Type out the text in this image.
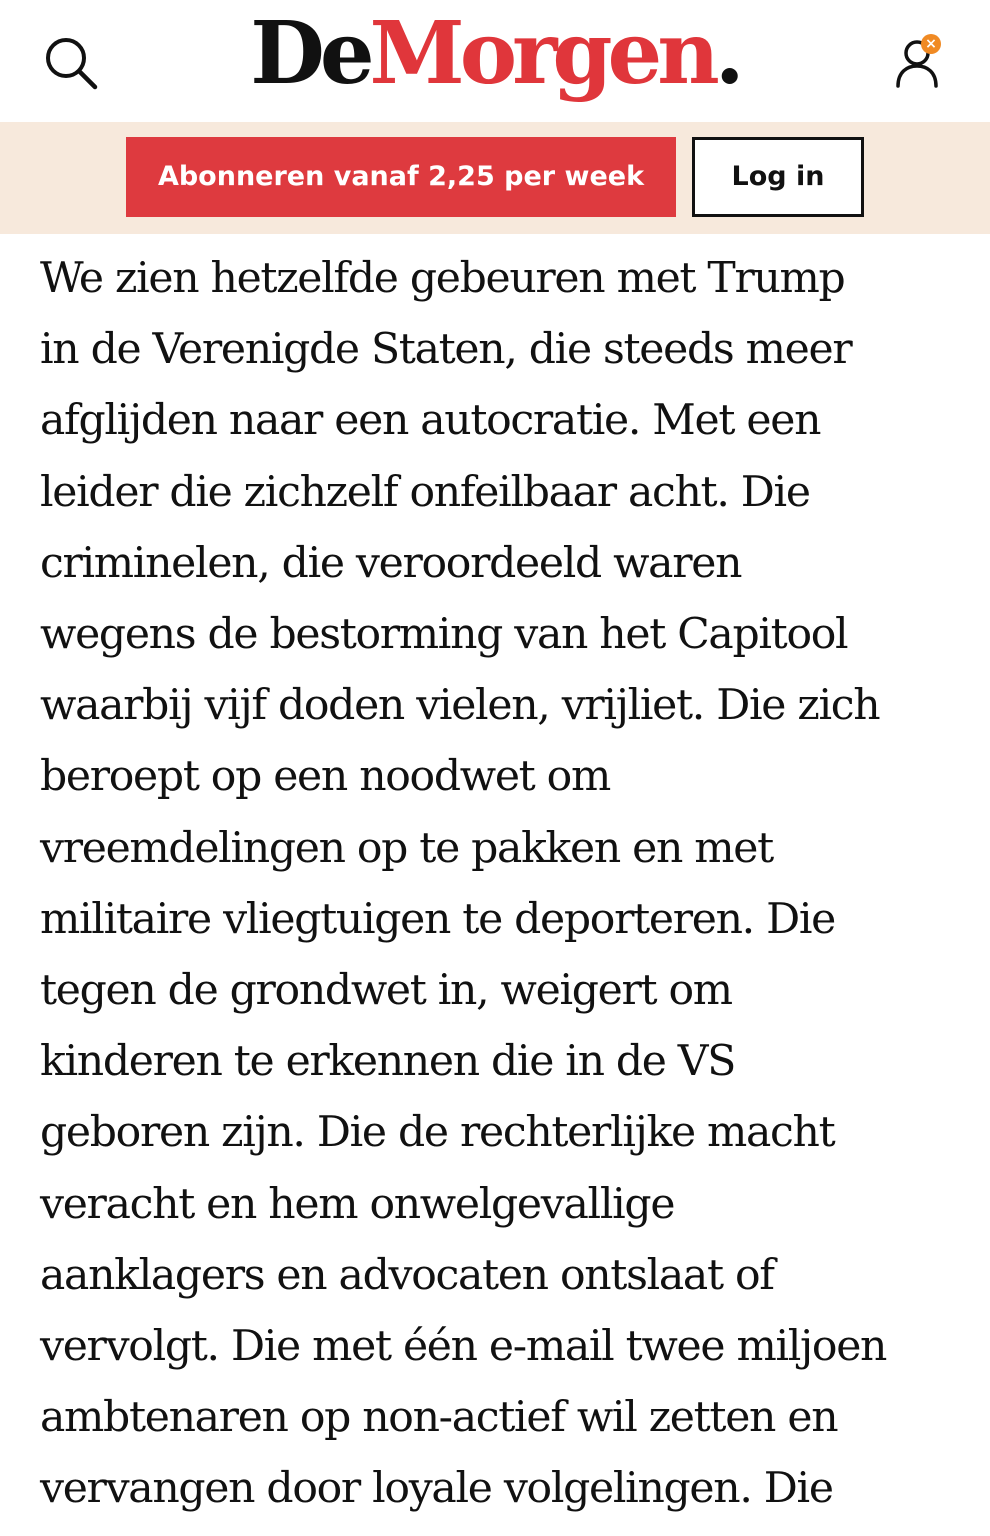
DeMorgen.	×
Abonneren vanaf 2,25 per week	Log in
We zien hetzelfde gebeuren met Trump
in de Verenigde Staten, die steeds meer
afglijden naar een autocratie. Met een
leider die zichzelf onfeilbaar acht. Die
criminelen, die veroordeeld waren
wegens de bestorming van het Capitool
waarbij vijf doden vielen, vrijliet. Die zich
beroept op een noodwet om
vreemdelingen op te pakken en met
militaire vliegtuigen te deporteren. Die
tegen de grondwet in, weigert om
kinderen te erkennen die in de VS
geboren zijn. Die de rechterlijke macht
veracht en hem onwelgevallige
aanklagers en advocaten ontslaat of
vervolgt. Die met één e-mail twee miljoen
ambtenaren op non-actief wil zetten en
vervangen door loyale volgelingen. Die
